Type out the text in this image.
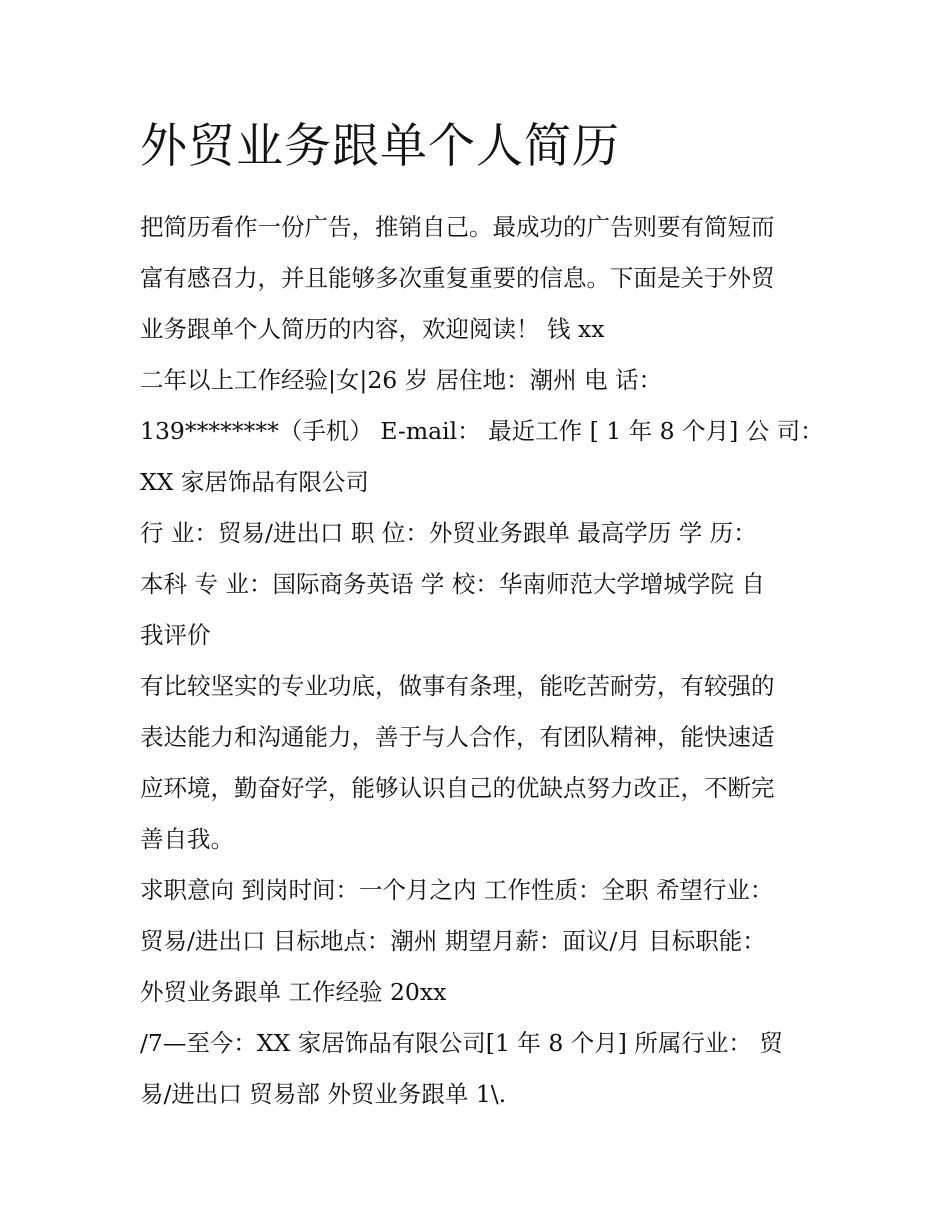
外贸业务跟单个人简历
把简历看作一份广告，推销自己。最成功的广告则要有简短而
富有感召力，并且能够多次重复重要的信息。下面是关于外贸
业务跟单个人简历的内容，欢迎阅读！ 钱 xx
二年以上工作经验|女|26 岁 居住地：潮州 电 话：
139********（手机） E-mail： 最近工作 [ 1 年 8 个月] 公 司：
XX 家居饰品有限公司
行 业：贸易/进出口 职 位：外贸业务跟单 最高学历 学 历：
本科 专 业：国际商务英语 学 校：华南师范大学增城学院 自
我评价
有比较坚实的专业功底，做事有条理，能吃苦耐劳，有较强的
表达能力和沟通能力，善于与人合作，有团队精神，能快速适
应环境，勤奋好学，能够认识自己的优缺点努力改正，不断完
善自我。
求职意向 到岗时间：一个月之内 工作性质：全职 希望行业：
贸易/进出口 目标地点：潮州 期望月薪：面议/月 目标职能：
外贸业务跟单 工作经验 20xx
/7—至今：XX 家居饰品有限公司[1 年 8 个月] 所属行业： 贸
易/进出口 贸易部 外贸业务跟单 1\.
